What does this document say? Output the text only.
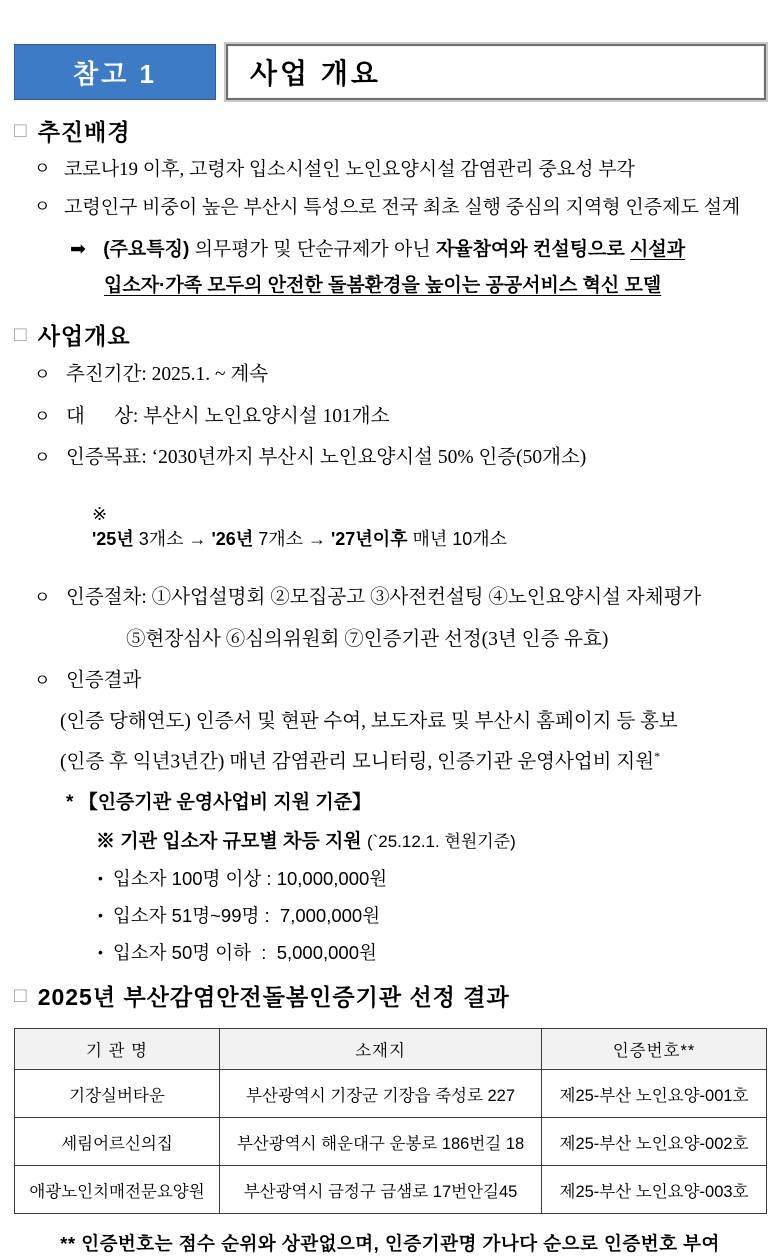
참고 1	사업 개요
□ 추진배경
ㅇ 코로나19 이후, 고령자 입소시설인 노인요양시설 감염관리 중요성 부각
ㅇ 고령인구 비중이 높은 부산시 특성으로 전국 최초 실행 중심의 지역형 인증제도 설계
➡ (주요특징) 의무평가 및 단순규제가 아닌 자율참여와 컨설팅으로 시설과
입소자·가족 모두의 안전한 돌봄환경을 높이는 공공서비스 혁신 모델
□ 사업개요
ㅇ 추진기간:
2025.1. ~ 계속
ㅇ 대      상:
부산시 노인요양시설 101개소
ㅇ 인증목표:
‘2030년까지 부산시 노인요양시설 50% 인증(50개소)

※
'25년 3개소 → '26년 7개소 → '27년이후 매년 10개소

ㅇ 인증절차:
①사업설명회 ②모집공고 ③사전컨설팅 ④노인요양시설 자체평가
⑤현장심사 ⑥심의위원회 ⑦인증기관 선정(3년 인증 유효)
ㅇ 인증결과
(인증 당해연도) 인증서 및 현판 수여, 보도자료 및 부산시 홈페이지 등 홍보
(인증 후 익년3년간) 매년 감염관리 모니터링, 인증기관 운영사업비 지원*
* 【인증기관 운영사업비 지원 기준】
※ 기관 입소자 규모별 차등 지원 (`25.12.1. 현원기준)
• 입소자 100명 이상 : 10,000,000원
• 입소자 51명~99명 :  7,000,000원
• 입소자 50명 이하  :  5,000,000원
□ 2025년 부산감염안전돌봄인증기관 선정 결과
기 관 명	소재지	인증번호**
기장실버타운	부산광역시 기장군 기장읍 죽성로 227	제25-부산 노인요양-001호
세림어르신의집	부산광역시 해운대구 운봉로 186번길 18	제25-부산 노인요양-002호
애광노인치매전문요양원	부산광역시 금정구 금샘로 17번안길45	제25-부산 노인요양-003호
** 인증번호는 점수 순위와 상관없으며, 인증기관명 가나다 순으로 인증번호 부여
